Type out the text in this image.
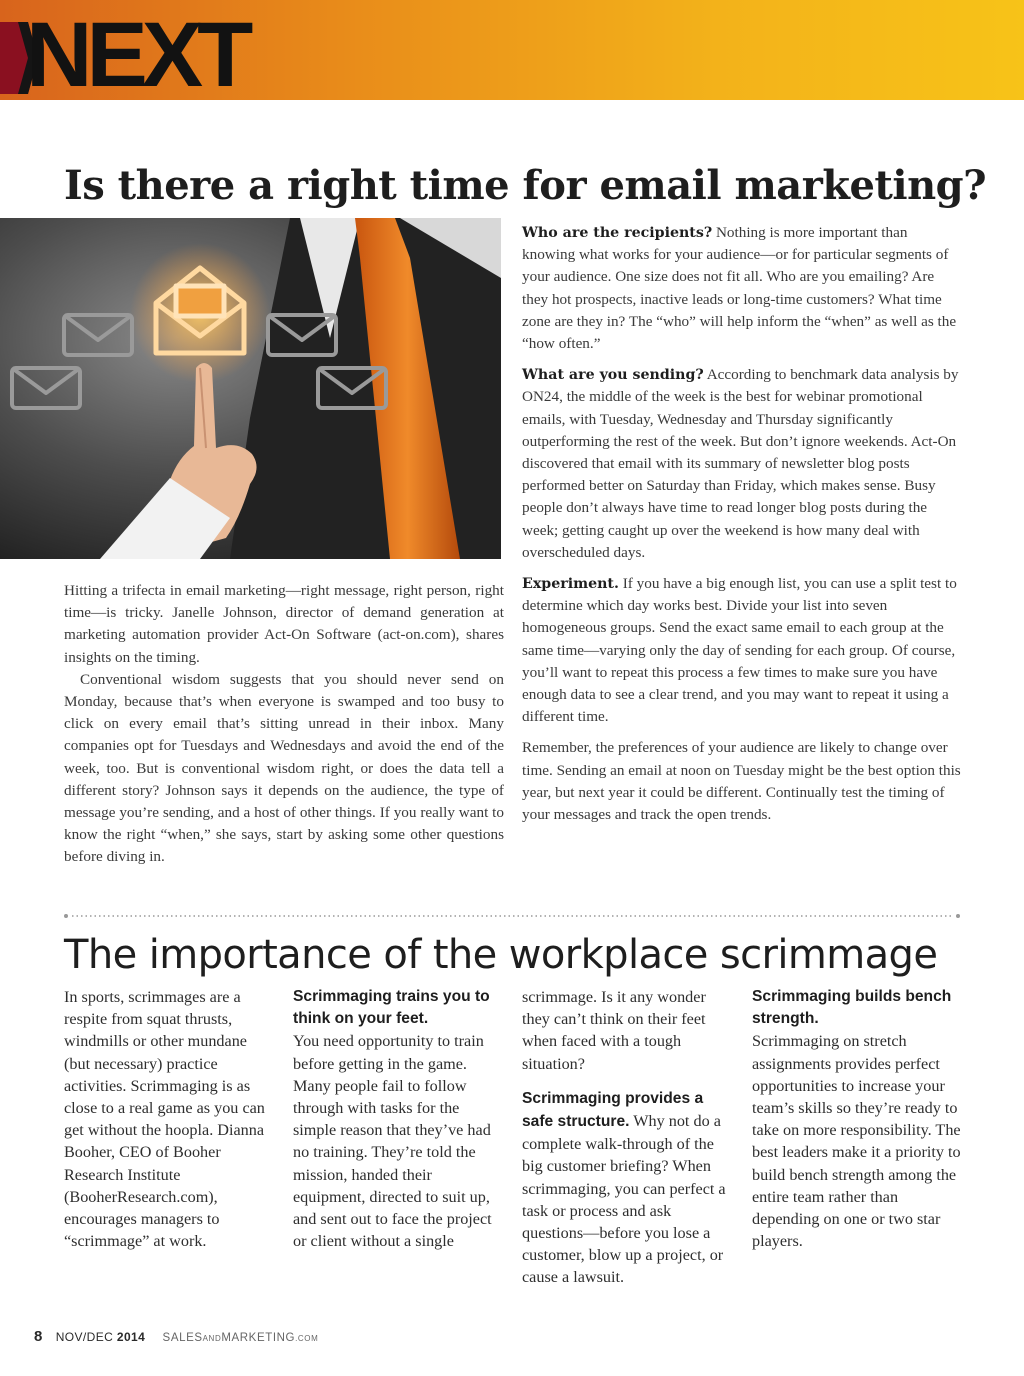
NEXT
Is there a right time for email marketing?

Hitting a trifecta in email marketing—right message, right person, right time—is tricky. Janelle Johnson, director of demand generation at marketing automation provider Act-On Software (act-on.com), shares insights on the timing.

Conventional wisdom suggests that you should never send on Monday, because that’s when everyone is swamped and too busy to click on every email that’s sitting unread in their inbox. Many companies opt for Tuesdays and Wednesdays and avoid the end of the week, too. But is conventional wisdom right, or does the data tell a different story? Johnson says it depends on the audience, the type of message you’re sending, and a host of other things. If you really want to know the right “when,” she says, start by asking some other questions before diving in.

Who are the recipients? Nothing is more important than knowing what works for your audience—or for particular segments of your audience. One size does not fit all. Who are you emailing? Are they hot prospects, inactive leads or long-time customers? What time zone are they in? The “who” will help inform the “when” as well as the “how often.”

What are you sending? According to benchmark data analysis by ON24, the middle of the week is the best for webinar promotional emails, with Tuesday, Wednesday and Thursday significantly outperforming the rest of the week. But don’t ignore weekends. Act-On discovered that email with its summary of newsletter blog posts performed better on Saturday than Friday, which makes sense. Busy people don’t always have time to read longer blog posts during the week; getting caught up over the weekend is how many deal with overscheduled days.

Experiment. If you have a big enough list, you can use a split test to determine which day works best. Divide your list into seven homogeneous groups. Send the exact same email to each group at the same time—varying only the day of sending for each group. Of course, you’ll want to repeat this process a few times to make sure you have enough data to see a clear trend, and you may want to repeat it using a different time.

Remember, the preferences of your audience are likely to change over time. Sending an email at noon on Tuesday might be the best option this year, but next year it could be different. Continually test the timing of your messages and track the open trends.

The importance of the workplace scrimmage

In sports, scrimmages are a respite from squat thrusts, windmills or other mundane (but necessary) practice activities. Scrimmaging is as close to a real game as you can get without the hoopla. Dianna Booher, CEO of Booher Research Institute (BooherResearch.com), encourages managers to “scrimmage” at work.

Scrimmaging trains you to think on your feet.

You need opportunity to train before getting in the game. Many people fail to follow through with tasks for the simple reason that they’ve had no training. They’re told the mission, handed their equipment, directed to suit up, and sent out to face the project or client without a single

scrimmage. Is it any wonder they can’t think on their feet when faced with a tough situation?

Scrimmaging provides a safe structure. Why not do a complete walk-through of the big customer briefing? When scrimmaging, you can perfect a task or process and ask questions—before you lose a customer, blow up a project, or cause a lawsuit.

Scrimmaging builds bench strength.

Scrimmaging on stretch assignments provides perfect opportunities to increase your team’s skills so they’re ready to take on more responsibility. The best leaders make it a priority to build bench strength among the entire team rather than depending on one or two star players.

8 NOV/DEC 2014 SALESANDMARKETING.COM
